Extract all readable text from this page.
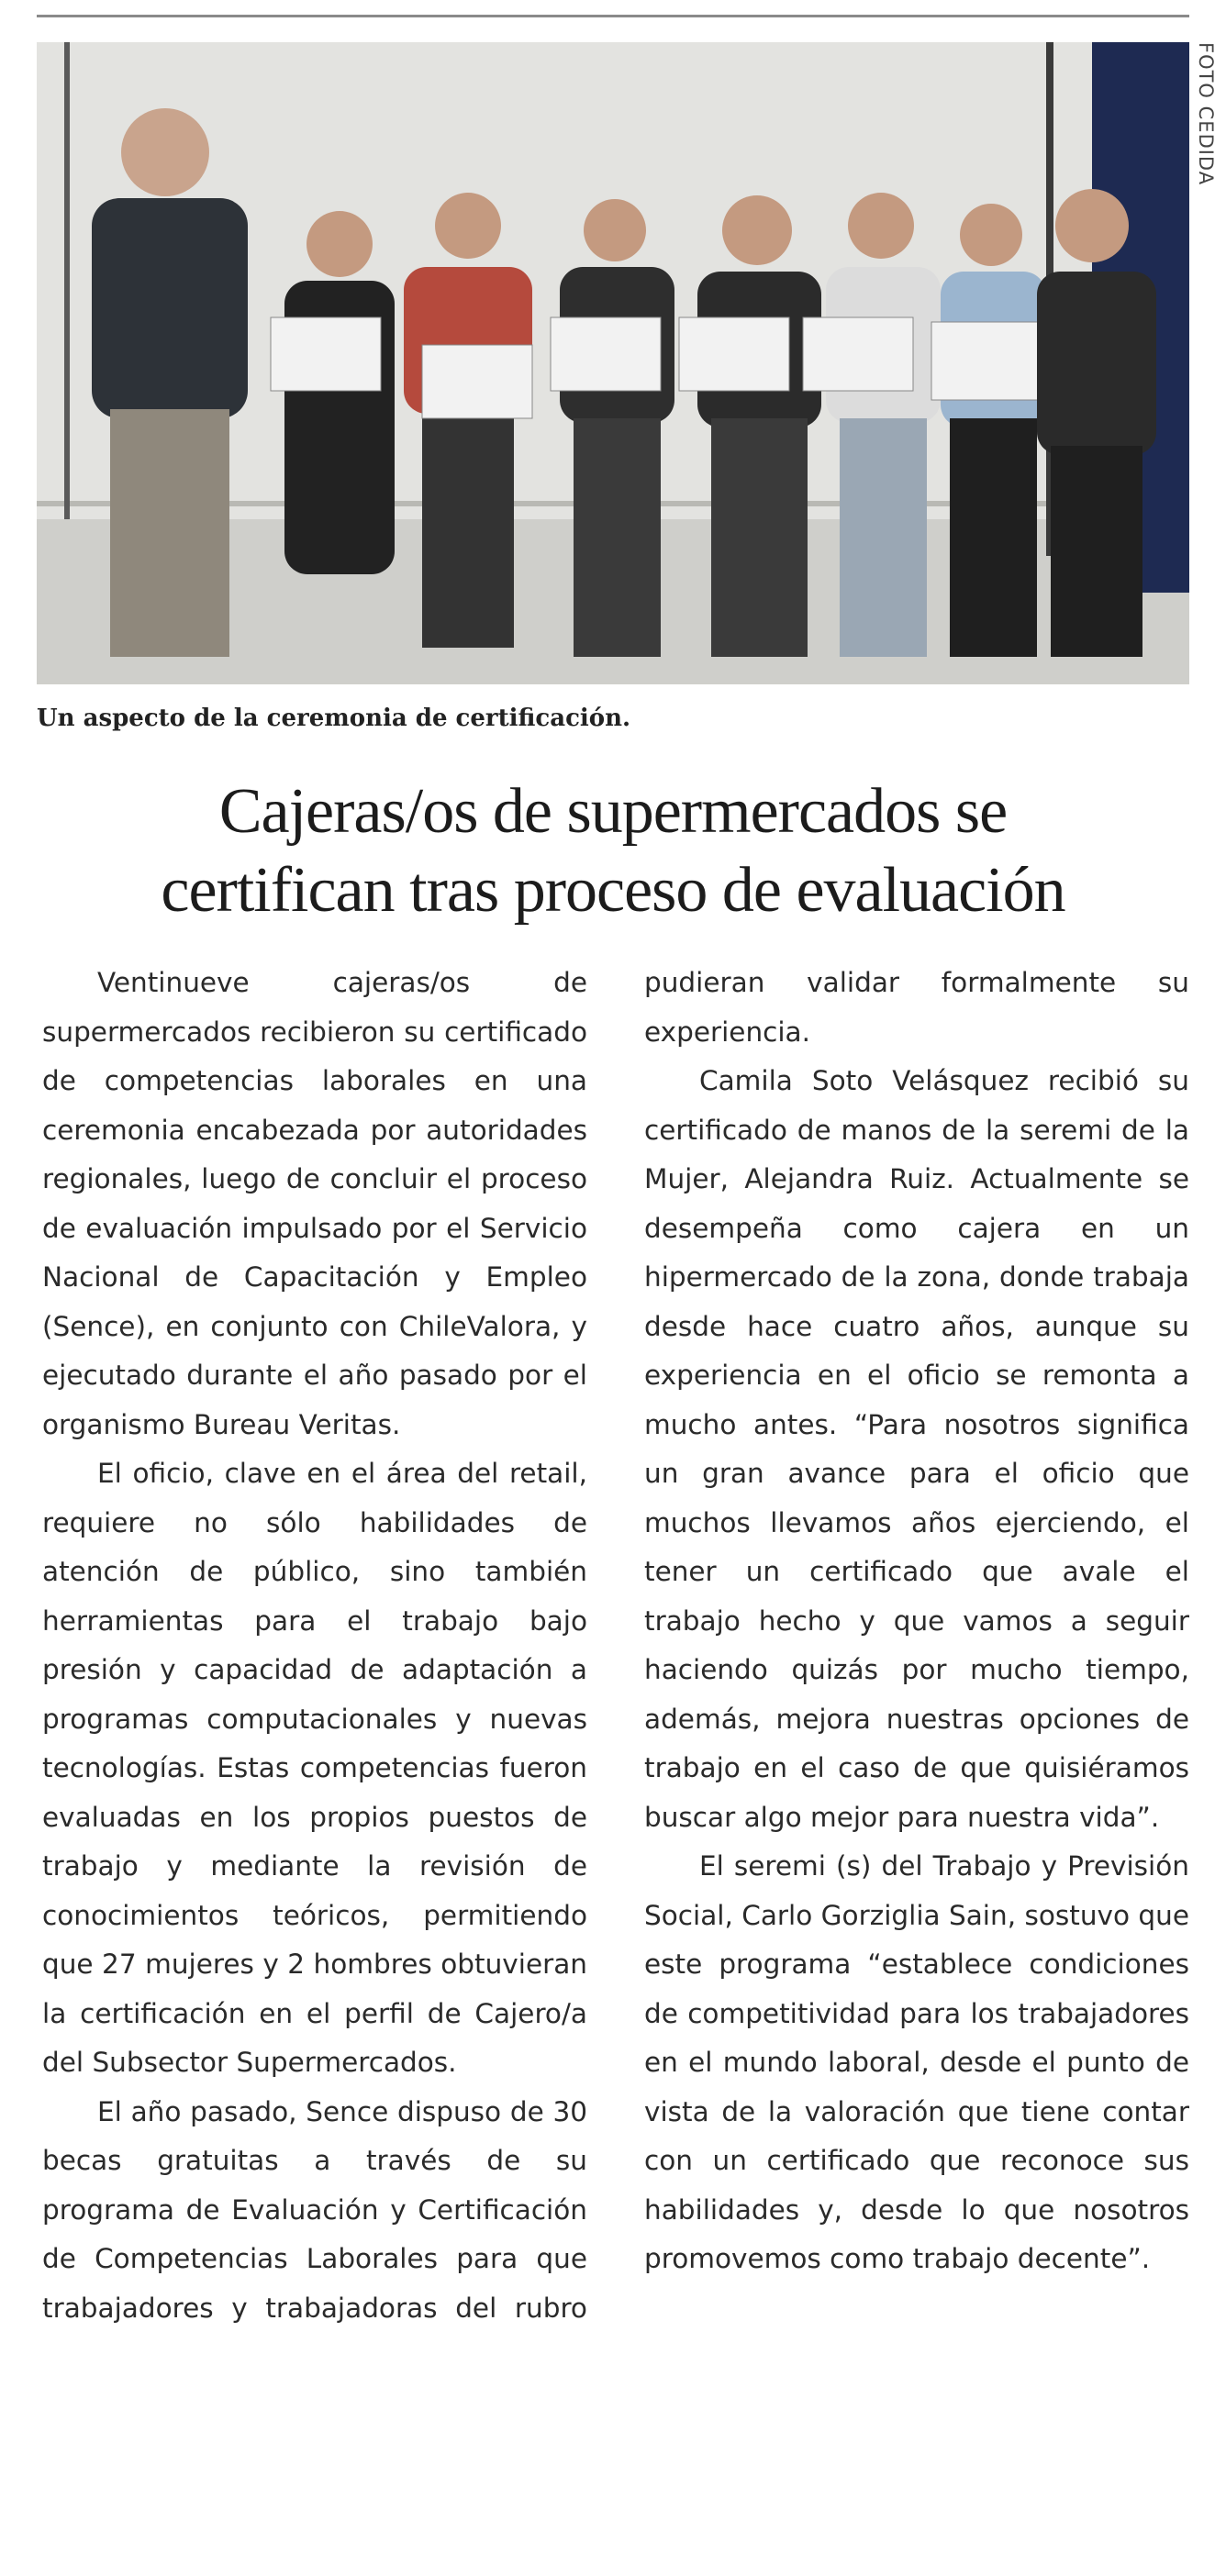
FOTO CEDIDA
Un aspecto de la ceremonia de certificación.
Cajeras/os de supermercados se
certifican tras proceso de evaluación

Ventinueve cajeras/os de supermercados recibieron su certificado de competencias laborales en una ceremonia encabezada por autoridades regionales, luego de concluir el proceso de evaluación impulsado por el Servicio Nacional de Capacitación y Empleo (Sence), en conjunto con ChileValora, y ejecutado durante el año pasado por el organismo Bureau Veritas.

El oficio, clave en el área del retail, requiere no sólo habilidades de atención de público, sino también herramientas para el trabajo bajo presión y capacidad de adaptación a programas computacionales y nuevas tecnologías. Estas competencias fueron evaluadas en los propios puestos de trabajo y mediante la revisión de conocimientos teóricos, permitiendo que 27 mujeres y 2 hombres obtuvieran la certificación en el perfil de Cajero/a del Subsector Supermercados.

El año pasado, Sence dispuso de 30 becas gratuitas a través de su programa de Evaluación y Certificación de Competencias Laborales para que trabajadores y trabajadoras del rubro pudieran validar formalmente su experiencia.

Camila Soto Velásquez recibió su certificado de manos de la seremi de la Mujer, Alejandra Ruiz. Actualmente se desempeña como cajera en un hipermercado de la zona, donde trabaja desde hace cuatro años, aunque su experiencia en el oficio se remonta a mucho antes. “Para nosotros significa un gran avance para el oficio que muchos llevamos años ejerciendo, el tener un certificado que avale el trabajo hecho y que vamos a seguir haciendo quizás por mucho tiempo, además, mejora nuestras opciones de trabajo en el caso de que quisiéramos buscar algo mejor para nuestra vida”.

El seremi (s) del Trabajo y Previsión Social, Carlo Gorziglia Sain, sostuvo que este programa “establece condiciones de competitividad para los trabajadores en el mundo laboral, desde el punto de vista de la valoración que tiene contar con un certificado que reconoce sus habilidades y, desde lo que nosotros promovemos como trabajo decente”.
